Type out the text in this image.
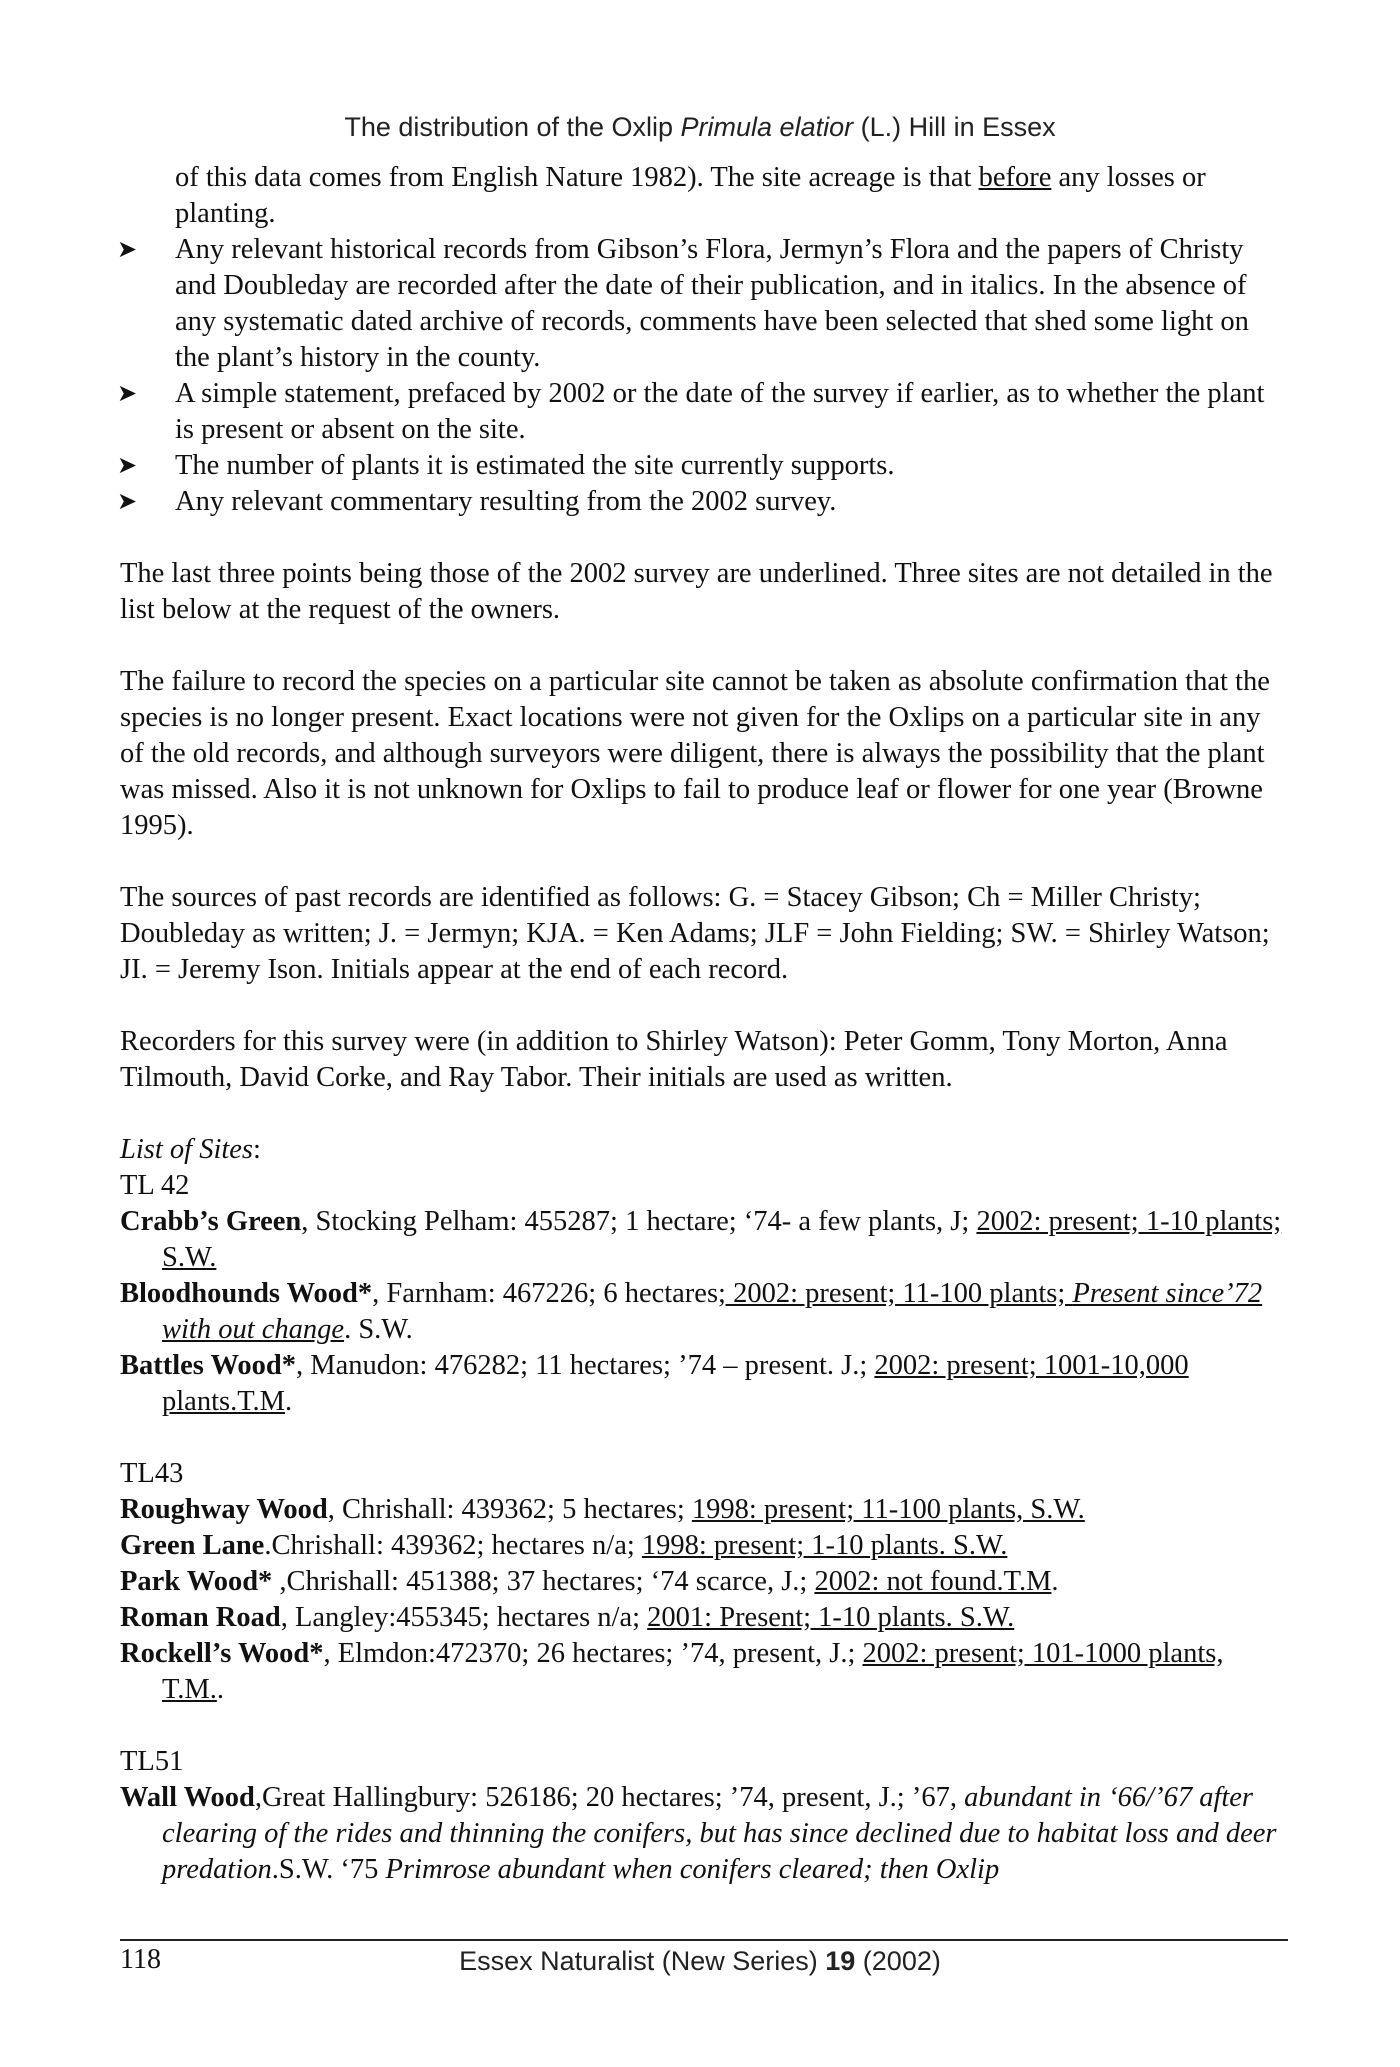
The distribution of the Oxlip Primula elatior (L.) Hill in Essex

of this data comes from English Nature 1982). The site acreage is that before any losses or planting.

➤ Any relevant historical records from Gibson’s Flora, Jermyn’s Flora and the papers of Christy and Doubleday are recorded after the date of their publication, and in italics. In the absence of any systematic dated archive of records, comments have been selected that shed some light on the plant’s history in the county.
➤ A simple statement, prefaced by 2002 or the date of the survey if earlier, as to whether the plant is present or absent on the site.
➤ The number of plants it is estimated the site currently supports.
➤ Any relevant commentary resulting from the 2002 survey.

The last three points being those of the 2002 survey are underlined. Three sites are not detailed in the list below at the request of the owners.

The failure to record the species on a particular site cannot be taken as absolute confirmation that the species is no longer present. Exact locations were not given for the Oxlips on a particular site in any of the old records, and although surveyors were diligent, there is always the possibility that the plant was missed. Also it is not unknown for Oxlips to fail to produce leaf or flower for one year (Browne 1995).

The sources of past records are identified as follows: G. = Stacey Gibson; Ch = Miller Christy; Doubleday as written; J. = Jermyn; KJA. = Ken Adams; JLF = John Fielding; SW. = Shirley Watson; JI. = Jeremy Ison. Initials appear at the end of each record.

Recorders for this survey were (in addition to Shirley Watson): Peter Gomm, Tony Morton, Anna Tilmouth, David Corke, and Ray Tabor. Their initials are used as written.

List of Sites:

TL 42

Crabb’s Green, Stocking Pelham: 455287; 1 hectare; ‘74- a few plants, J; 2002: present; 1-10 plants; S.W.

Bloodhounds Wood*, Farnham: 467226; 6 hectares; 2002: present; 11-100 plants; Present since’72 with out change. S.W.

Battles Wood*, Manudon: 476282; 11 hectares; ’74 – present. J.; 2002: present; 1001-10,000 plants.T.M.

TL43

Roughway Wood, Chrishall: 439362; 5 hectares; 1998: present; 11-100 plants, S.W.

Green Lane.Chrishall: 439362; hectares n/a; 1998: present; 1-10 plants. S.W.

Park Wood* ,Chrishall: 451388; 37 hectares; ‘74 scarce, J.; 2002: not found.T.M.

Roman Road, Langley:455345; hectares n/a; 2001: Present; 1-10 plants. S.W.

Rockell’s Wood*, Elmdon:472370; 26 hectares; ’74, present, J.; 2002: present; 101-1000 plants, T.M..

TL51

Wall Wood,Great Hallingbury: 526186; 20 hectares; ’74, present, J.; ’67, abundant in ‘66/’67 after clearing of the rides and thinning the conifers, but has since declined due to habitat loss and deer predation.S.W. ‘75 Primrose abundant when conifers cleared; then Oxlip

118	Essex Naturalist (New Series) 19 (2002)
